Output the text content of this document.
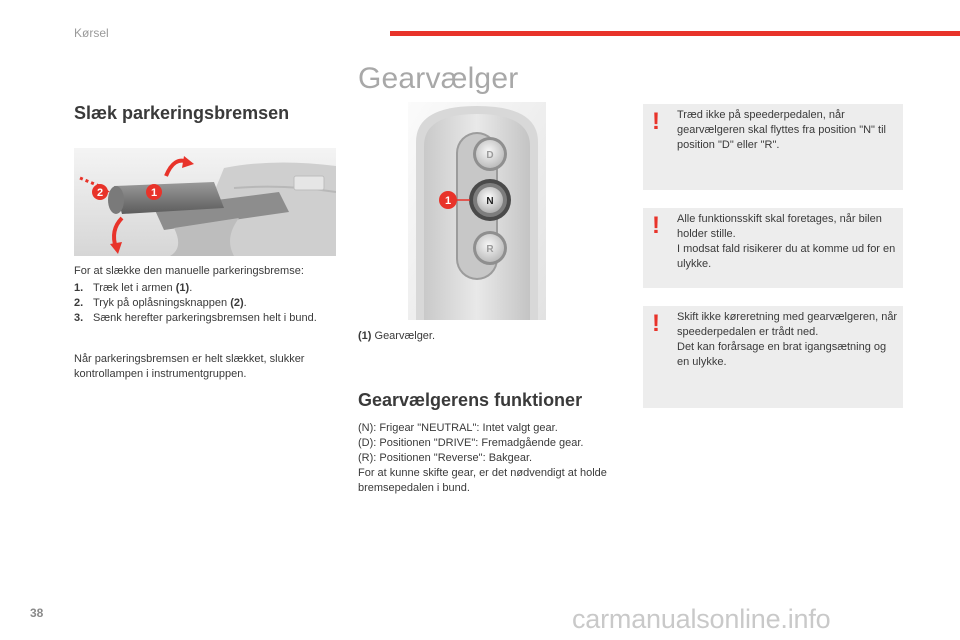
Kørsel
Gearvælger
Slæk parkeringsbremsen
2	1

For at slække den manuelle parkeringsbremse:

1. Træk let i armen (1).
2. Tryk på oplåsningsknappen (2).
3. Sænk herefter parkeringsbremsen helt i bund.

Når parkeringsbremsen er helt slækket, slukker kontrollampen i instrumentgruppen.

D
N
R
1

(1) Gearvælger.

Gearvælgerens funktioner

(N): Frigear "NEUTRAL": Intet valgt gear.

(D): Positionen "DRIVE": Fremadgående gear.

(R): Positionen "Reverse": Bakgear.

For at kunne skifte gear, er det nødvendigt at holde bremsepedalen i bund.

! Træd ikke på speederpedalen, når gearvælgeren skal flyttes fra position "N" til position "D" eller "R".

! Alle funktionsskift skal foretages, når bilen holder stille.

I modsat fald risikerer du at komme ud for en ulykke.

! Skift ikke køreretning med gearvælgeren, når speederpedalen er trådt ned.

Det kan forårsage en brat igangsætning og en ulykke.

38	carmanualsonline.info
